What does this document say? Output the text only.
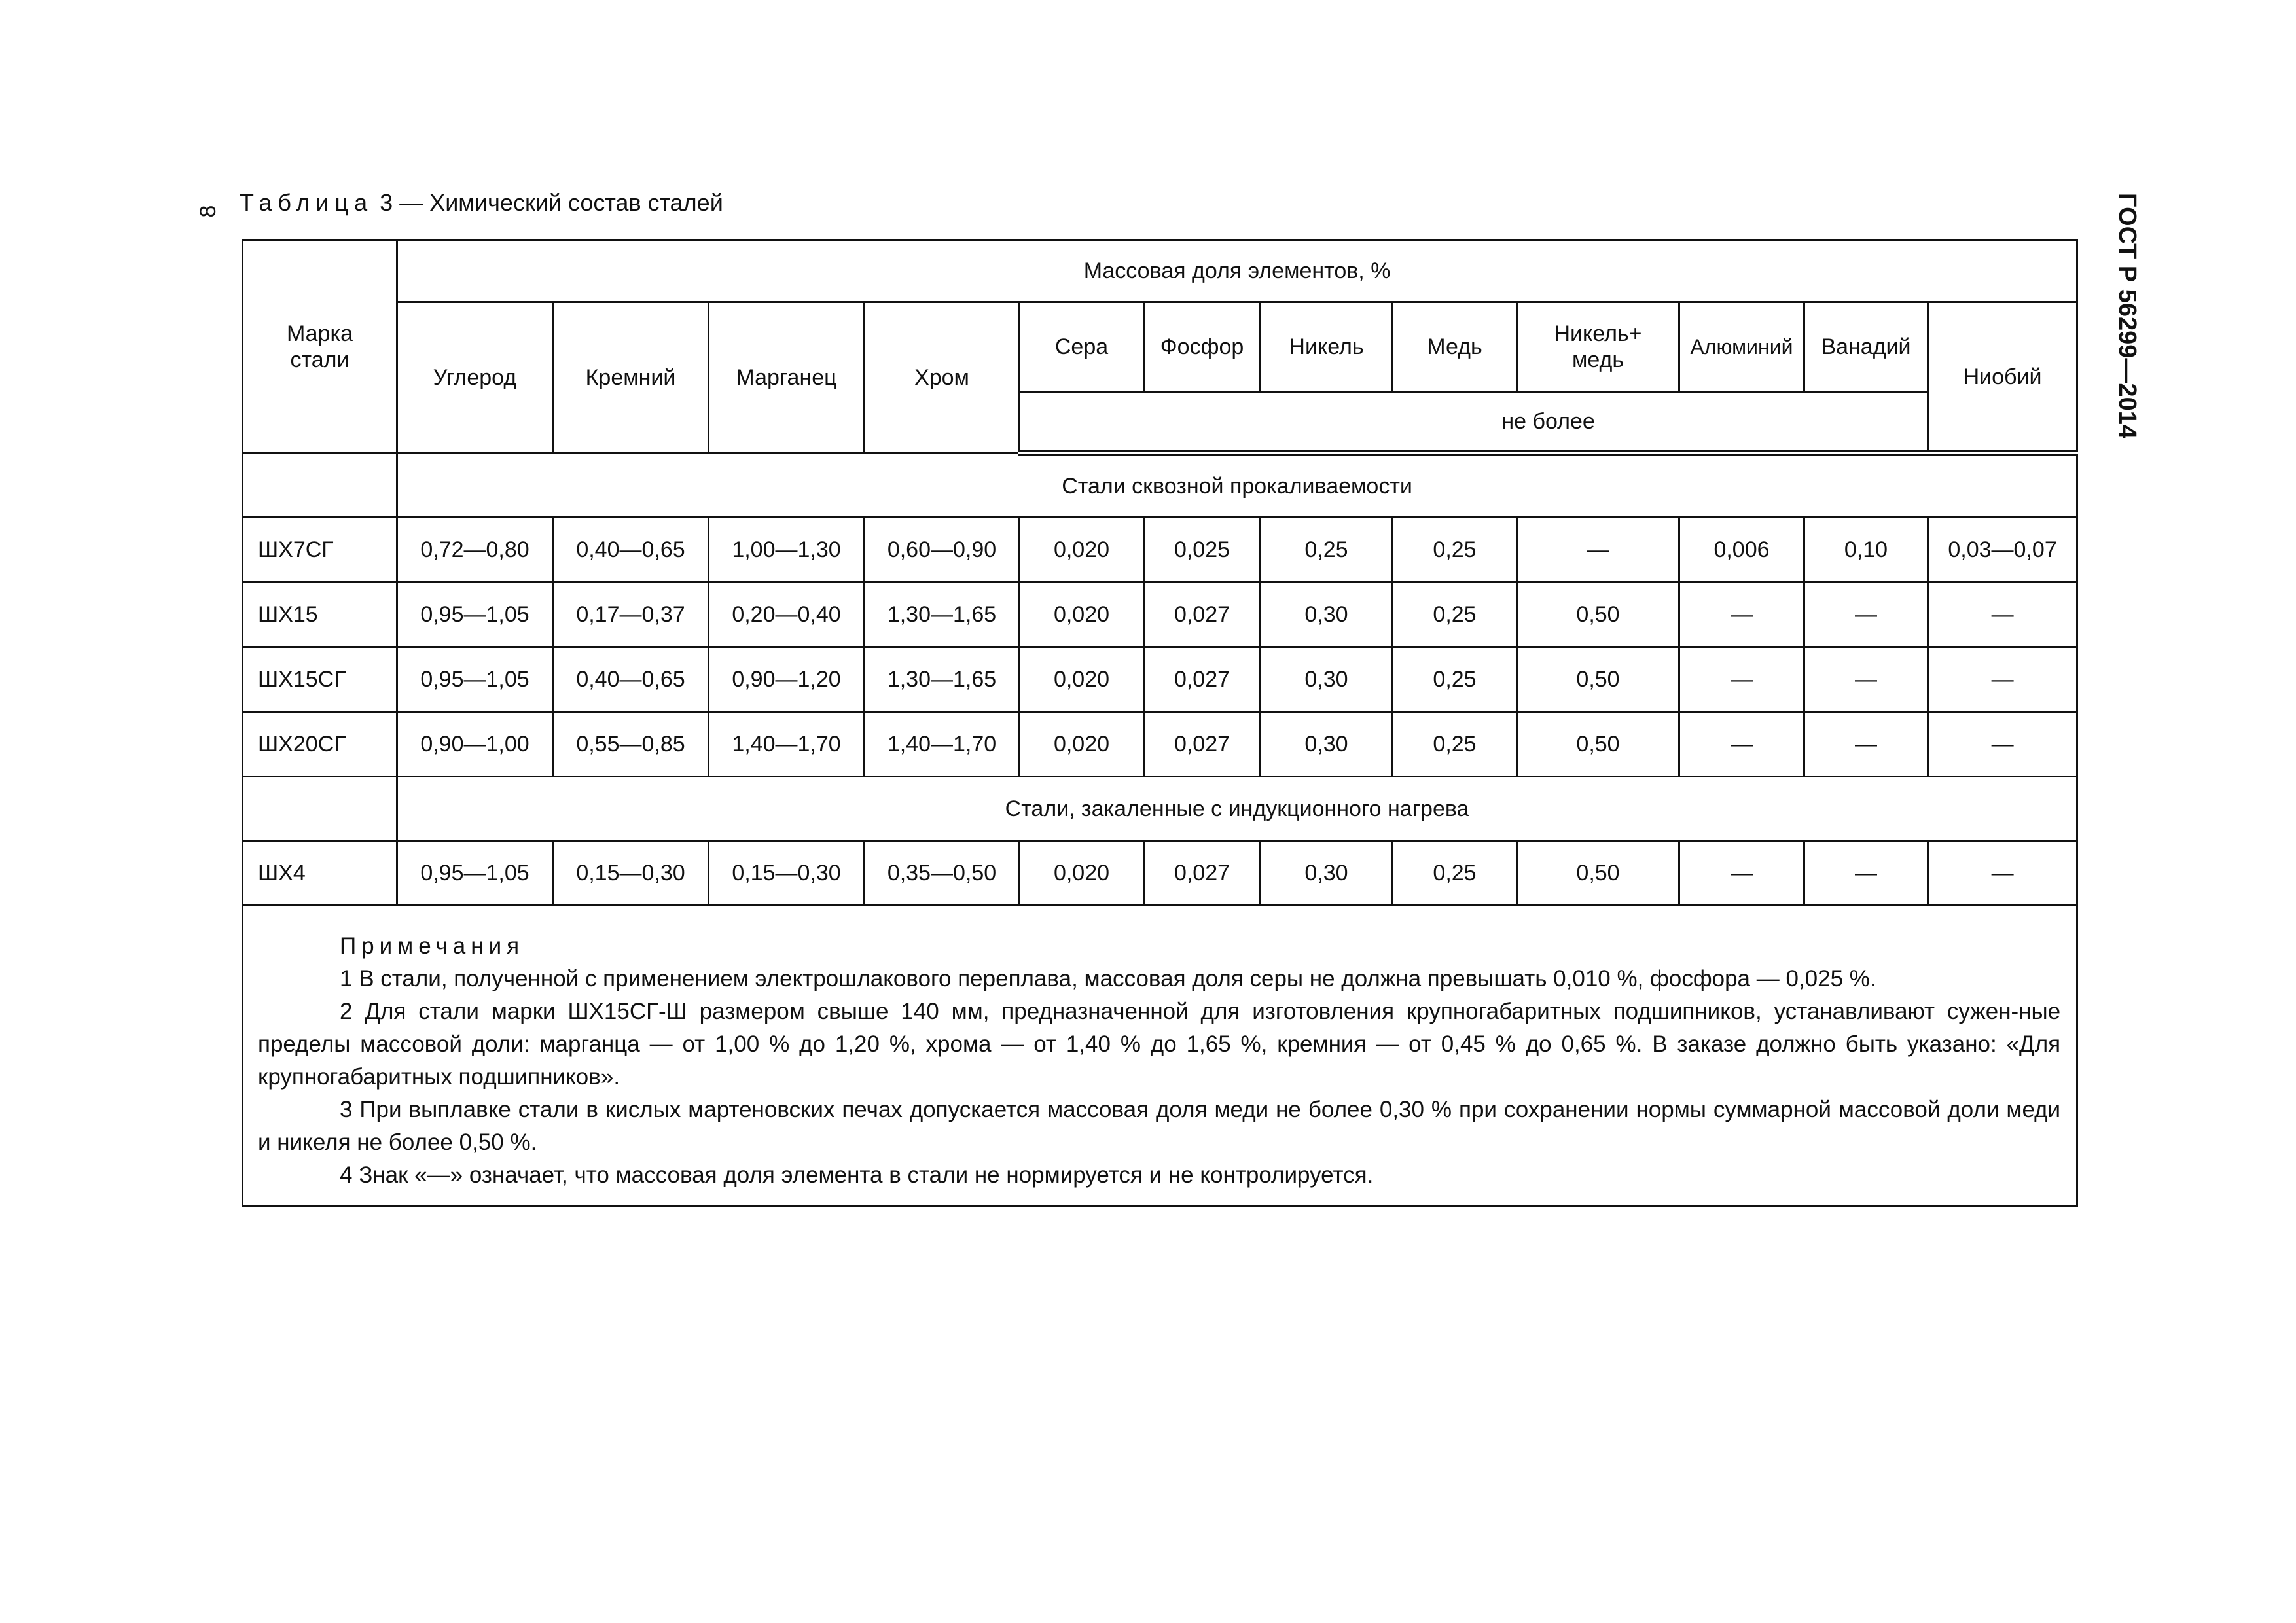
8 Таблица 3 — Химический состав сталей	ГОСТ Р 56299—2014
Марка стали	Массовая доля элементов, %											
	Углерод	Кремний	Марганец	Хром	Сера	Фосфор	Никель	Медь	Никель+ медь	Алюминий	Ванадий	Ниобий
					не более							
	Стали сквозной прокаливаемости											
ШХ7СГ	0,72—0,80	0,40—0,65	1,00—1,30	0,60—0,90	0,020	0,025	0,25	0,25	—	0,006	0,10	0,03—0,07
ШХ15	0,95—1,05	0,17—0,37	0,20—0,40	1,30—1,65	0,020	0,027	0,30	0,25	0,50	—	—	—
ШХ15СГ	0,95—1,05	0,40—0,65	0,90—1,20	1,30—1,65	0,020	0,027	0,30	0,25	0,50	—	—	—
ШХ20СГ	0,90—1,00	0,55—0,85	1,40—1,70	1,40—1,70	0,020	0,027	0,30	0,25	0,50	—	—	—
	Стали, закаленные с индукционного нагрева											
ШХ4	0,95—1,05	0,15—0,30	0,15—0,30	0,35—0,50	0,020	0,027	0,30	0,25	0,50	—	—	—

Примечания
1 В стали, полученной с применением электрошлакового переплава, массовая доля серы не должна превышать 0,010 %, фосфора — 0,025 %.
2 Для стали марки ШХ15СГ-Ш размером свыше 140 мм, предназначенной для изготовления крупногабаритных подшипников, устанавливают сужен-ные пределы массовой доли: марганца — от 1,00 % до 1,20 %, хрома — от 1,40 % до 1,65 %, кремния — от 0,45 % до 0,65 %. В заказе должно быть указано: «Для крупногабаритных подшипников».
3 При выплавке стали в кислых мартеновских печах допускается массовая доля меди не более 0,30 % при сохранении нормы суммарной массовой доли меди и никеля не более 0,50 %.
4 Знак «—» означает, что массовая доля элемента в стали не нормируется и не контролируется.												
